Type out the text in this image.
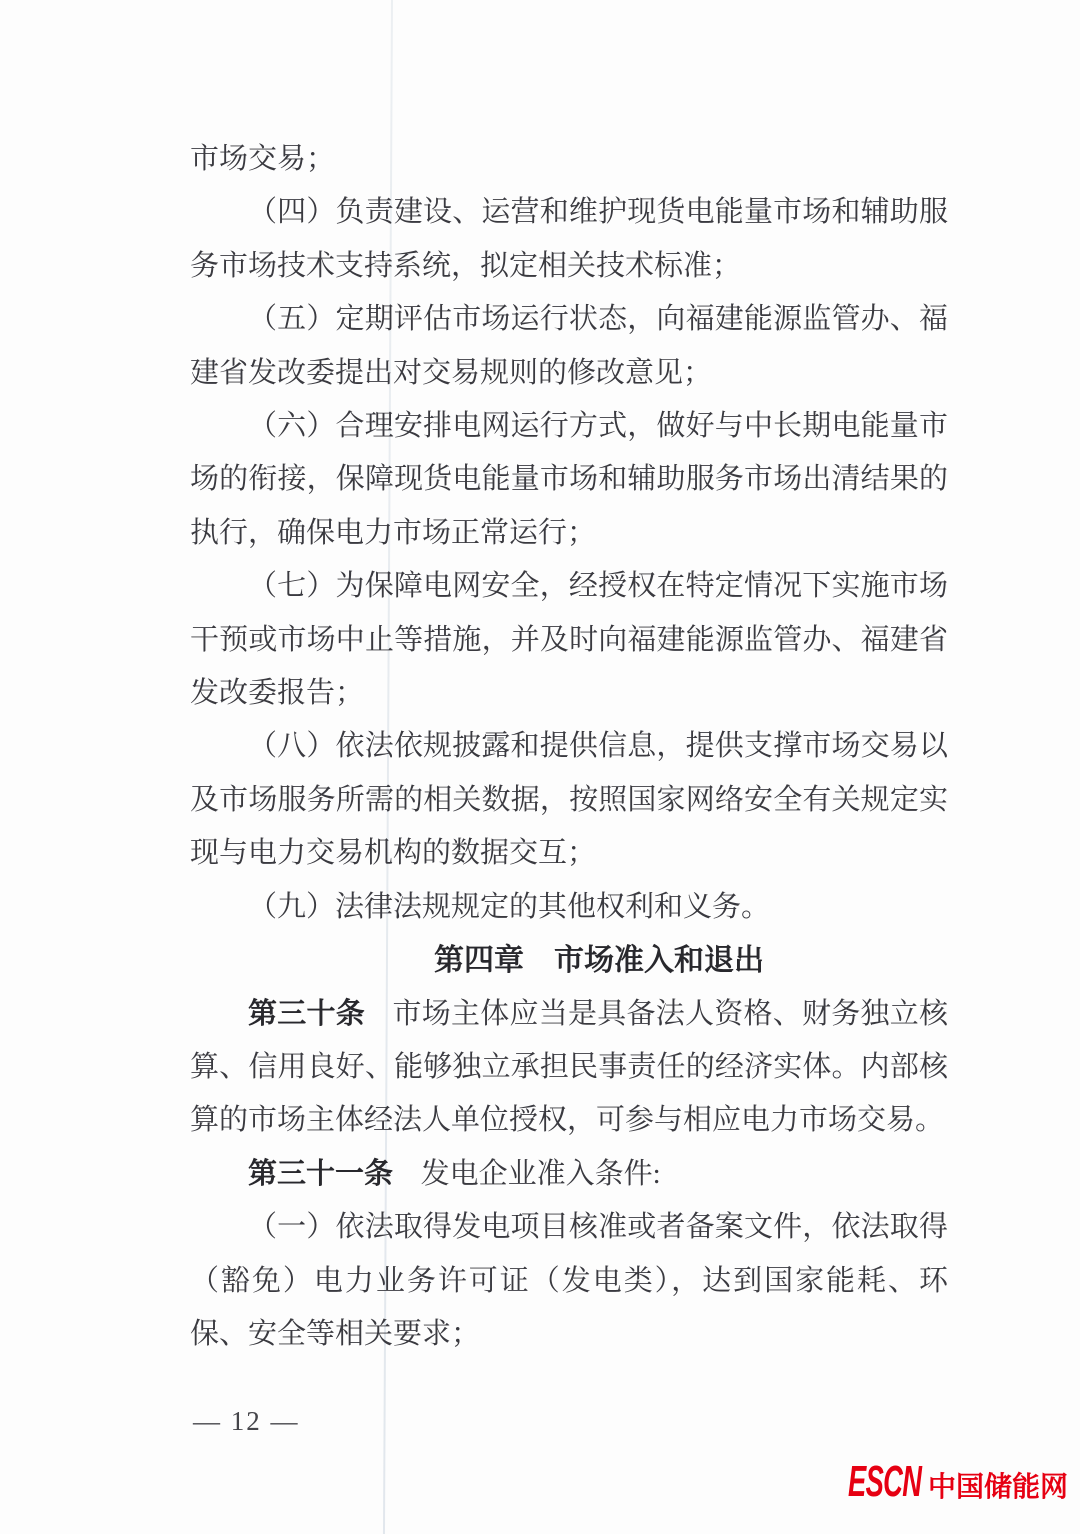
市场交易；

（四）负责建设、运营和维护现货电能量市场和辅助服务市场技术支持系统，拟定相关技术标准；

（五）定期评估市场运行状态，向福建能源监管办、福建省发改委提出对交易规则的修改意见；

（六）合理安排电网运行方式，做好与中长期电能量市场的衔接，保障现货电能量市场和辅助服务市场出清结果的执行，确保电力市场正常运行；

（七）为保障电网安全，经授权在特定情况下实施市场干预或市场中止等措施，并及时向福建能源监管办、福建省发改委报告；

（八）依法依规披露和提供信息，提供支撑市场交易以及市场服务所需的相关数据，按照国家网络安全有关规定实现与电力交易机构的数据交互；

（九）法律法规规定的其他权利和义务。

第四章　市场准入和退出

第三十条 市场主体应当是具备法人资格、财务独立核算、信用良好、能够独立承担民事责任的经济实体。内部核算的市场主体经法人单位授权，可参与相应电力市场交易。

第三十一条 发电企业准入条件:

（一）依法取得发电项目核准或者备案文件，依法取得（豁免）电力业务许可证（发电类），达到国家能耗、环保、安全等相关要求；

— 12 —
ESCN 中国储能网
